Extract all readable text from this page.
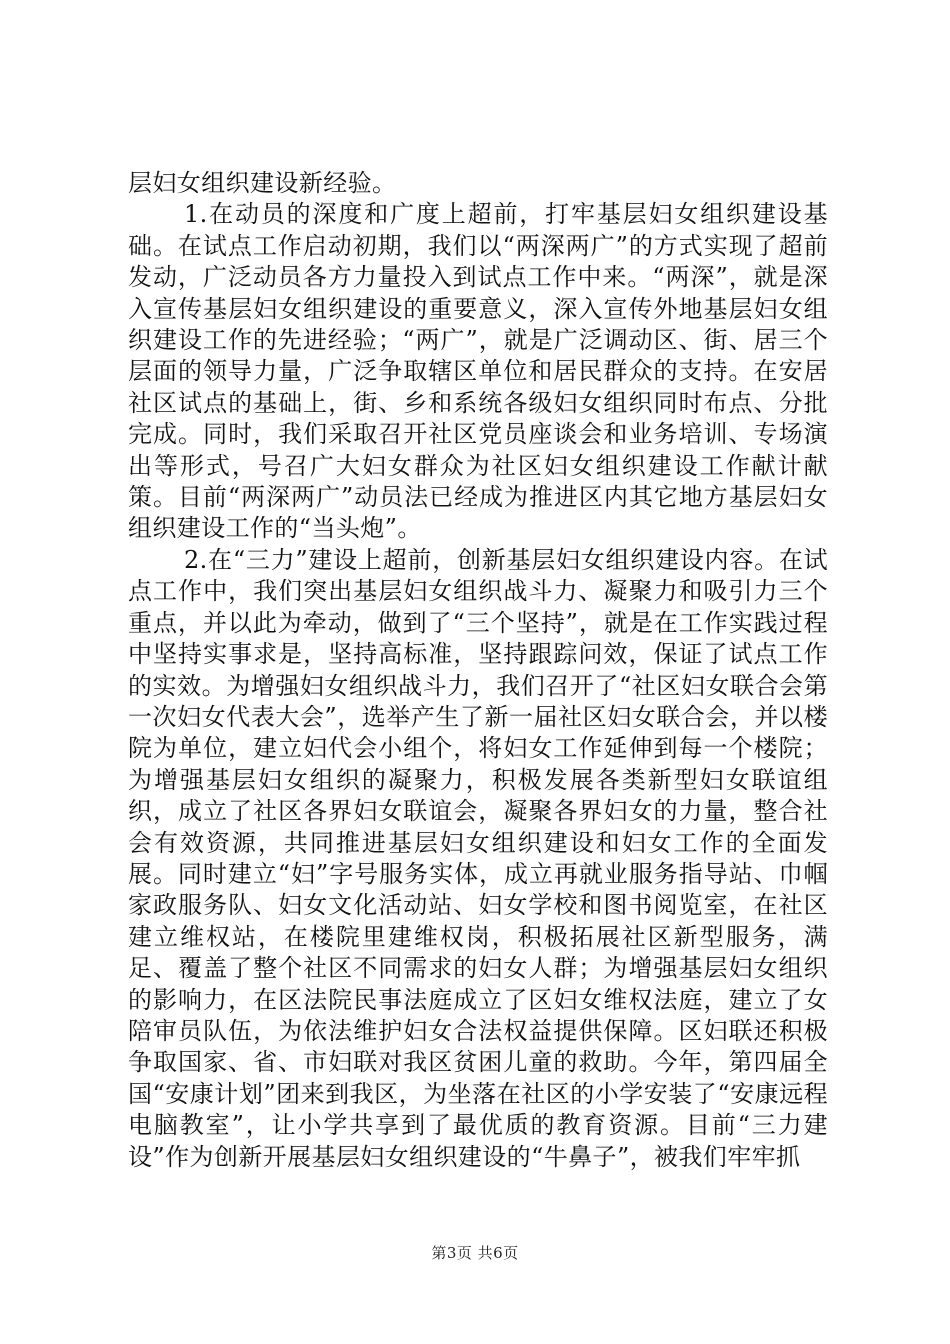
层妇女组织建设新经验。

1.在动员的深度和广度上超前，打牢基层妇女组织建设基础。在试点工作启动初期，我们以“两深两广”的方式实现了超前发动，广泛动员各方力量投入到试点工作中来。“两深”，就是深入宣传基层妇女组织建设的重要意义，深入宣传外地基层妇女组织建设工作的先进经验；“两广”，就是广泛调动区、街、居三个层面的领导力量，广泛争取辖区单位和居民群众的支持。在安居社区试点的基础上，街、乡和系统各级妇女组织同时布点、分批完成。同时，我们采取召开社区党员座谈会和业务培训、专场演出等形式，号召广大妇女群众为社区妇女组织建设工作献计献策。目前“两深两广”动员法已经成为推进区内其它地方基层妇女组织建设工作的“当头炮”。

2.在“三力”建设上超前，创新基层妇女组织建设内容。在试点工作中，我们突出基层妇女组织战斗力、凝聚力和吸引力三个重点，并以此为牵动，做到了“三个坚持”，就是在工作实践过程中坚持实事求是，坚持高标准，坚持跟踪问效，保证了试点工作的实效。为增强妇女组织战斗力，我们召开了“社区妇女联合会第一次妇女代表大会”，选举产生了新一届社区妇女联合会，并以楼院为单位，建立妇代会小组个，将妇女工作延伸到每一个楼院；为增强基层妇女组织的凝聚力，积极发展各类新型妇女联谊组织，成立了社区各界妇女联谊会，凝聚各界妇女的力量，整合社会有效资源，共同推进基层妇女组织建设和妇女工作的全面发展。同时建立“妇”字号服务实体，成立再就业服务指导站、巾帼家政服务队、妇女文化活动站、妇女学校和图书阅览室，在社区建立维权站，在楼院里建维权岗，积极拓展社区新型服务，满足、覆盖了整个社区不同需求的妇女人群；为增强基层妇女组织的影响力，在区法院民事法庭成立了区妇女维权法庭，建立了女陪审员队伍，为依法维护妇女合法权益提供保障。区妇联还积极争取国家、省、市妇联对我区贫困儿童的救助。今年，第四届全国“安康计划”团来到我区，为坐落在社区的小学安装了“安康远程电脑教室”，让小学共享到了最优质的教育资源。目前“三力建设”作为创新开展基层妇女组织建设的“牛鼻子”，被我们牢牢抓

第3页 共6页
